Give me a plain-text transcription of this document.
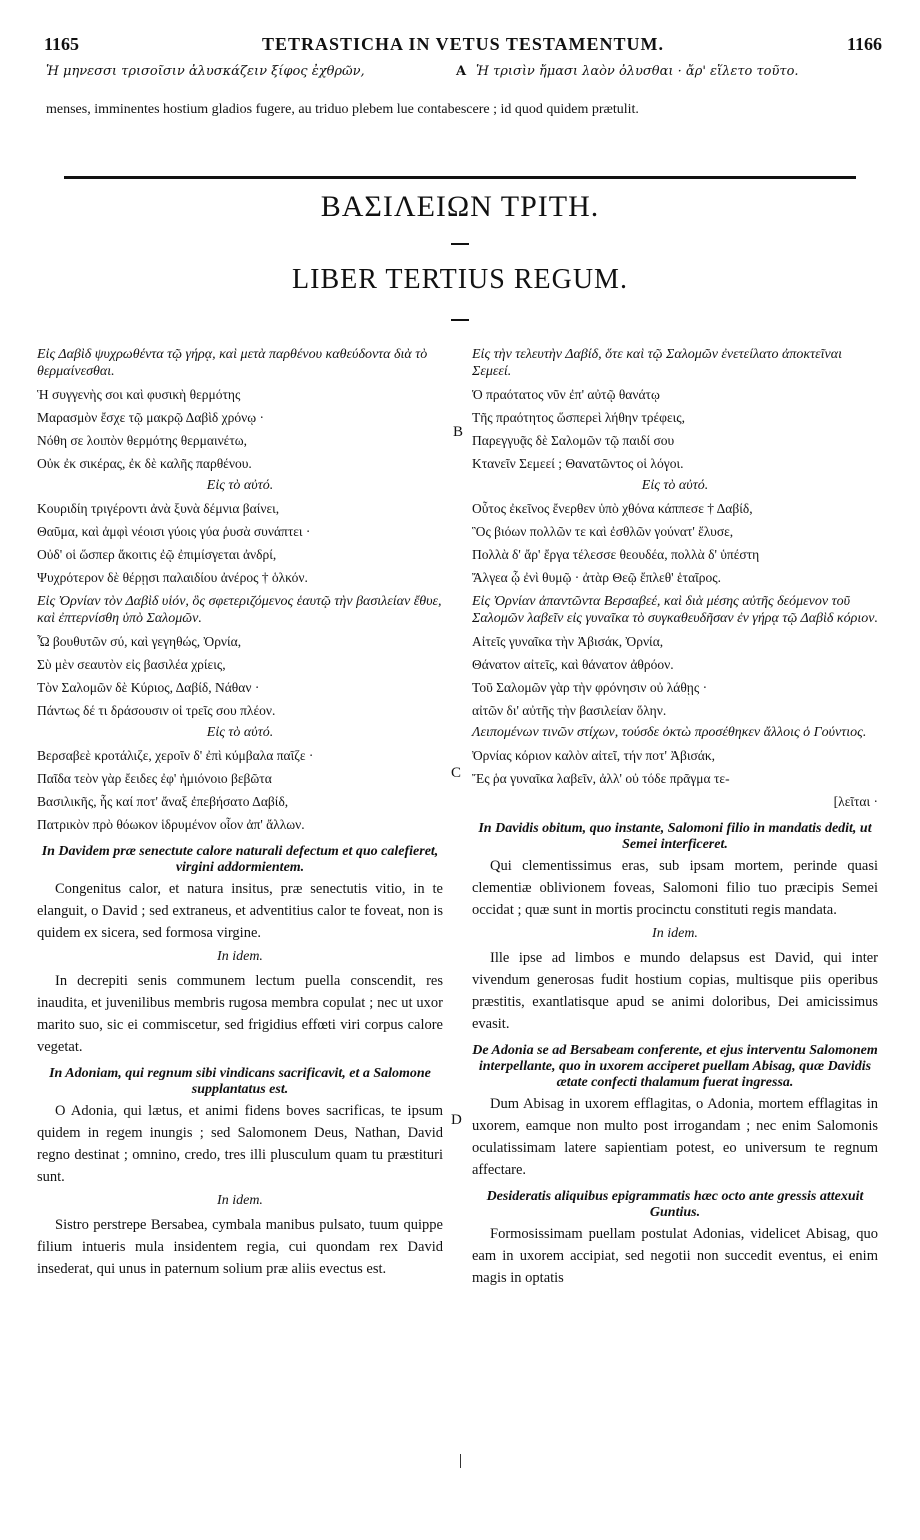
1165	TETRASTICHA IN VETUS TESTAMENTUM.	1166
Ἡ μηνεσσι τρισοῖσιν ἀλυσκάζειν ξίφος ἐχθρῶν,	A Ἡ τρισὶν ἤμασι λαὸν ὀλυσθαι · ἄρ' εἵλετο τοῦτο.
menses, imminentes hostium gladios fugere, au triduo plebem lue contabescere ; id quod quidem prætulit.
ΒΑΣΙΛΕΙΩΝ ΤΡΙΤΗ.
LIBER TERTIUS REGUM.
B
C
D
Εἰς Δαβὶδ ψυχρωθέντα τῷ γήρᾳ, καὶ μετὰ παρθένου καθεύδοντα διὰ τὸ θερμαίνεσθαι.
Ἡ συγγενὴς σοι καὶ φυσικὴ θερμότης
Μαρασμὸν ἔσχε τῷ μακρῷ Δαβὶδ χρόνῳ ·
Νόθη σε λοιπὸν θερμότης θερμαινέτω,
Οὐκ ἐκ σικέρας, ἐκ δὲ καλῆς παρθένου.
Εἰς τὸ αὐτό.
Κουριδίη τριγέροντι ἀνὰ ξυνὰ δέμνια βαίνει,
Θαῦμα, καὶ ἀμφὶ νέοισι γύοις γύα ῥυσὰ συνάπτει ·
Οὐδ' οἱ ὥσπερ ἄκοιτις ἐῷ ἐπιμίσγεται ἀνδρί,
Ψυχρότερον δὲ θέρῃσι παλαιδίου ἀνέρος † ὁλκόν.
Εἰς Ὀρνίαν τὸν Δαβὶδ υἱόν, ὃς σφετεριζόμενος ἑαυτῷ τὴν βασιλείαν ἔθυε, καὶ ἐπτερνίσθη ὑπὸ Σαλομῶν.
Ὦ βουθυτῶν σύ, καὶ γεγηθώς, Ὀρνία,
Σὺ μὲν σεαυτὸν εἰς βασιλέα χρίεις,
Τὸν Σαλομῶν δὲ Κύριος, Δαβίδ, Νάθαν ·
Πάντως δέ τι δράσουσιν οἱ τρεῖς σου πλέον.
Εἰς τὸ αὐτό.
Βερσαβεὲ κροτάλιζε, χεροῖν δ' ἐπὶ κύμβαλα παῖζε ·
Παῖδα τεὸν γὰρ ἔειδες ἐφ' ἡμιόνοιο βεβῶτα
Βασιλικῆς, ἧς καί ποτ' ἄναξ ἐπεβήσατο Δαβίδ,
Πατρικὸν πρὸ θόωκον ἱδρυμένον οἷον ἀπ' ἄλλων.
In Davidem præ senectute calore naturali defectum et quo calefieret, virgini addormientem.

Congenitus calor, et natura insitus, præ senectutis vitio, in te elanguit, o David ; sed extraneus, et adventitius calor te foveat, non is quidem ex sicera, sed formosa virgine.

In idem.

In decrepiti senis communem lectum puella conscendit, res inaudita, et juvenilibus membris rugosa membra copulat ; nec ut uxor marito suo, sic ei commiscetur, sed frigidius effœti viri corpus calore vegetat.

In Adoniam, qui regnum sibi vindicans sacrificavit, et a Salomone supplantatus est.

O Adonia, qui lætus, et animi fidens boves sacrificas, te ipsum quidem in regem inungis ; sed Salomonem Deus, Nathan, David regno destinat ; omnino, credo, tres illi plusculum quam tu præstituri sunt.

In idem.

Sistro perstrepe Bersabea, cymbala manibus pulsato, tuum quippe filium intueris mula insidentem regia, cui quondam rex David insederat, qui unus in paternum solium præ aliis evectus est.

Εἰς τὴν τελευτὴν Δαβίδ, ὅτε καὶ τῷ Σαλομῶν ἐνετείλατο ἀποκτεῖναι Σεμεεί.
Ὁ πραότατος νῦν ἐπ' αὐτῷ θανάτῳ
Τῆς πραότητος ὥσπερεὶ λήθην τρέφεις,
Παρεγγυᾷς δὲ Σαλομῶν τῷ παιδί σου
Κτανεῖν Σεμεεί ; Θανατῶντος οἱ λόγοι.
Εἰς τὸ αὐτό.
Οὗτος ἐκεῖνος ἔνερθεν ὑπὸ χθόνα κάππεσε † Δαβίδ,
Ὃς βιόων πολλῶν τε καὶ ἐσθλῶν γούνατ' ἔλυσε,
Πολλὰ δ' ἄρ' ἔργα τέλεσσε θεουδέα, πολλὰ δ' ὑπέστη
Ἄλγεα ᾧ ἐνὶ θυμῷ · ἀτὰρ Θεῷ ἔπλεθ' ἑταῖρος.
Εἰς Ὀρνίαν ἀπαντῶντα Βερσαβεέ, καὶ διὰ μέσης αὐτῆς δεόμενον τοῦ Σαλομῶν λαβεῖν εἰς γυναῖκα τὸ συγκαθευδῆσαν ἐν γήρᾳ τῷ Δαβὶδ κόριον.
Αἰτεῖς γυναῖκα τὴν Ἀβισάκ, Ὀρνία,
Θάνατον αἰτεῖς, καὶ θάνατον ἀθρόον.
Τοῦ Σαλομῶν γὰρ τὴν φρόνησιν οὐ λάθῃς ·
αἰτῶν δι' αὐτῆς τὴν βασιλείαν ὅλην.
Λειπομένων τινῶν στίχων, τούσδε ὀκτὼ προσέθηκεν ἄλλοις ὁ Γούντιος.
Ὀρνίας κόριον καλὸν αἰτεῖ, τήν ποτ' Ἀβισάκ,
Ἔς ῥα γυναῖκα λαβεῖν, ἀλλ' οὐ τόδε πρᾶγμα τε-
[λεῖται ·
In Davidis obitum, quo instante, Salomoni filio in mandatis dedit, ut Semei interficeret.

Qui clementissimus eras, sub ipsam mortem, perinde quasi clementiæ oblivionem foveas, Salomoni filio tuo præcipis Semei occidat ; quæ sunt in mortis procinctu constituti regis mandata.

In idem.

Ille ipse ad limbos e mundo delapsus est David, qui inter vivendum generosas fudit hostium copias, multisque piis operibus præstitis, exantlatisque apud se animi doloribus, Dei amicissimus evasit.

De Adonia se ad Bersabeam conferente, et ejus interventu Salomonem interpellante, quo in uxorem acciperet puellam Abisag, quæ Davidis ætate confecti thalamum fuerat ingressa.

Dum Abisag in uxorem efflagitas, o Adonia, mortem efflagitas in uxorem, eamque non multo post irrogandam ; nec enim Salomonis oculatissimam latere sapientiam potest, eo universum te regnum affectare.

Desideratis aliquibus epigrammatis hæc octo ante gressis attexuit Guntius.

Formosissimam puellam postulat Adonias, videlicet Abisag, quo eam in uxorem accipiat, sed negotii non succedit eventus, ei enim magis in optatis
